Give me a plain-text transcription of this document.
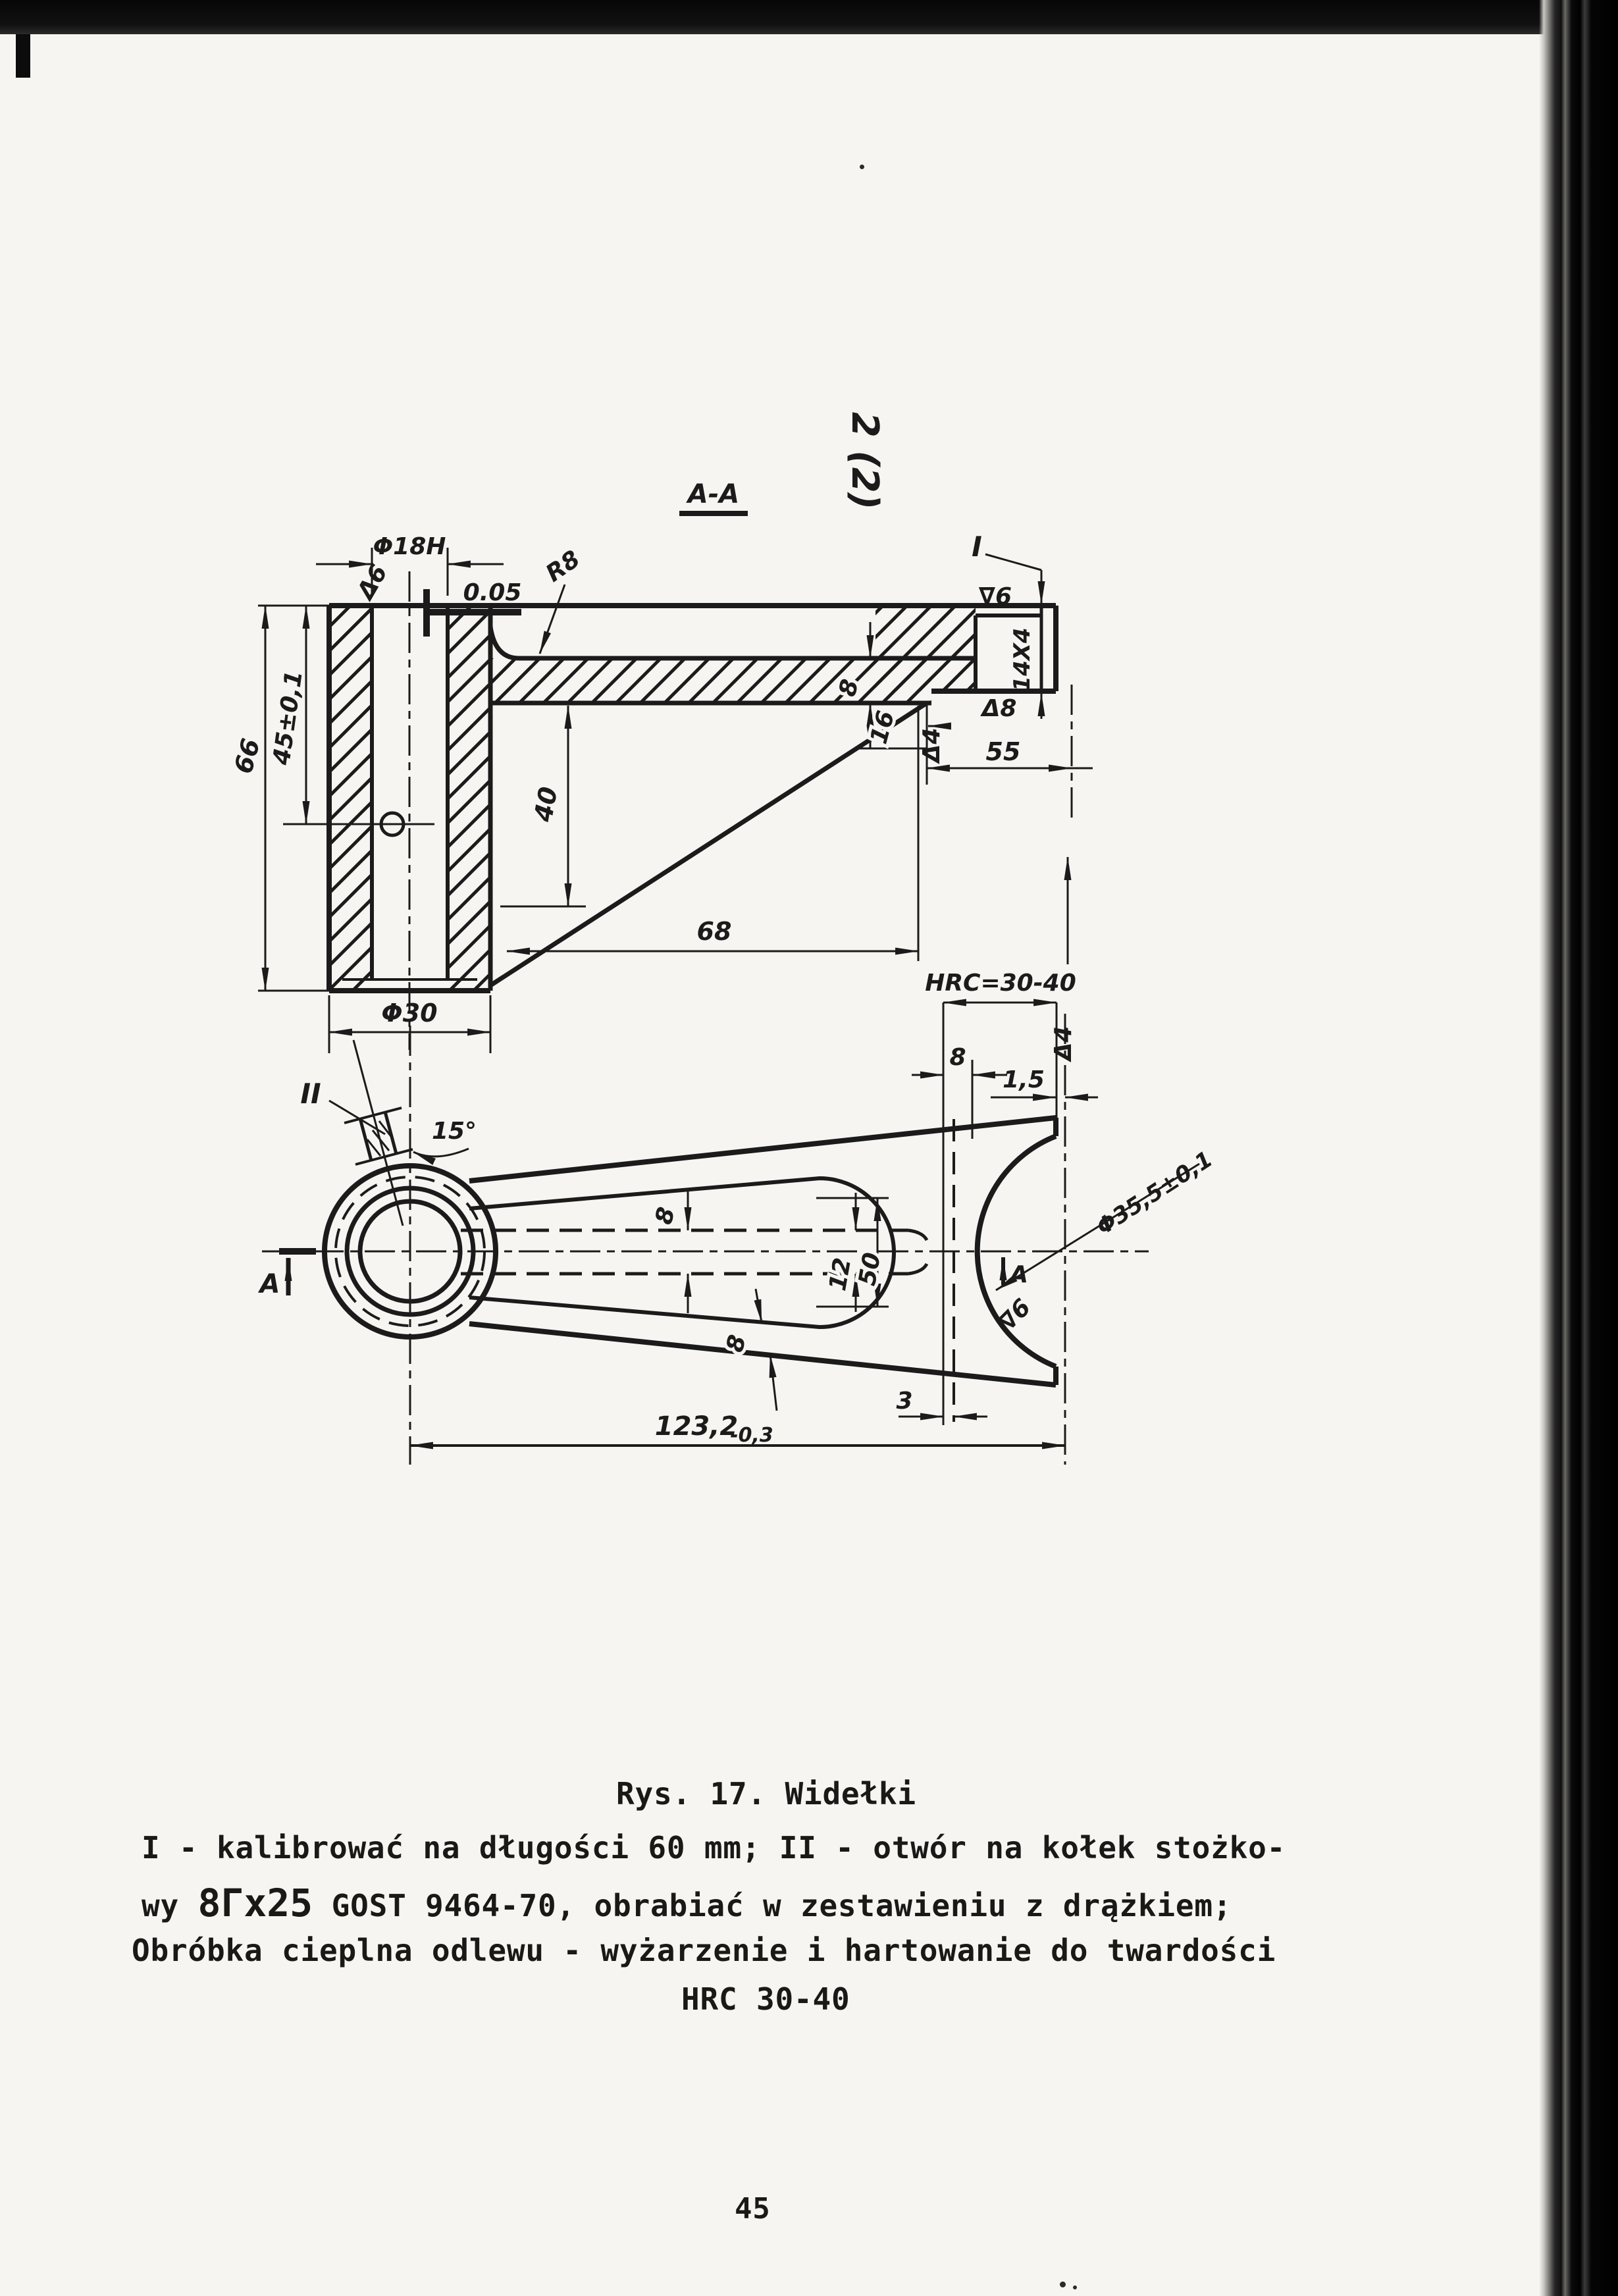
A-A	2 (2)
Φ18H
Δ6	0.05
R8	I
∇6
14X4
Δ8
8
16 Δ4 55
66 45±0,1
40
68
Φ30
HRC=30-40
8
1,5
Δ4
II
15°
8
8
12
50
3
123,2
-0,3
Φ35,5±0,1
A	A
∇6
Rys. 17. Widełki
I - kalibrować na długości 60 mm; II - otwór na kołek stożko-
wy 8Γx25 GOST 9464-70, obrabiać w zestawieniu z drążkiem;
Obróbka cieplna odlewu - wyżarzenie i hartowanie do twardości
HRC 30-40
45
